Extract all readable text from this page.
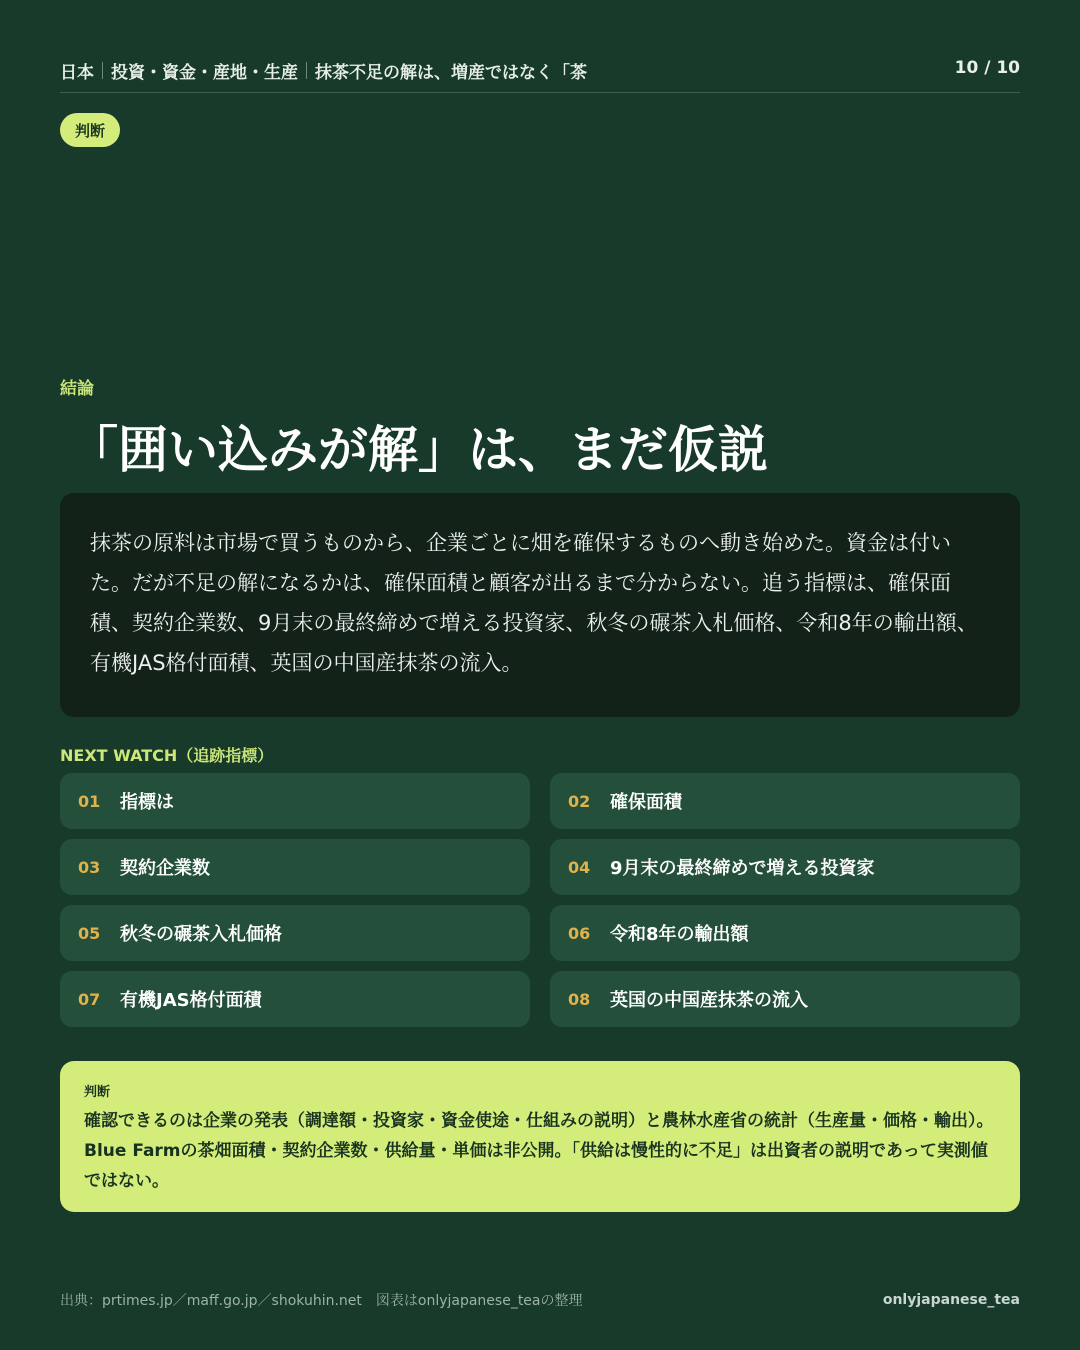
日本 投資・資金・産地・生産 抹茶不足の解は、増産ではなく「茶	10 / 10
判断
結論
「囲い込みが解」は、まだ仮説
抹茶の原料は市場で買うものから、企業ごとに畑を確保するものへ動き始めた。資金は付いた。だが不足の解になるかは、確保面積と顧客が出るまで分からない。追う指標は、確保面積、契約企業数、9月末の最終締めで増える投資家、秋冬の碾茶入札価格、令和8年の輸出額、有機JAS格付面積、英国の中国産抹茶の流入。
NEXT WATCH（追跡指標）
01	指標は	02	確保面積
03	契約企業数	04	9月末の最終締めで増える投資家
05	秋冬の碾茶入札価格	06	令和8年の輸出額
07	有機JAS格付面積	08	英国の中国産抹茶の流入
判断
確認できるのは企業の発表（調達額・投資家・資金使途・仕組みの説明）と農林水産省の統計（生産量・価格・輸出）。Blue Farmの茶畑面積・契約企業数・供給量・単価は非公開。「供給は慢性的に不足」は出資者の説明であって実測値ではない。
出典：prtimes.jp／maff.go.jp／shokuhin.net　図表はonlyjapanese_teaの整理	onlyjapanese_tea
